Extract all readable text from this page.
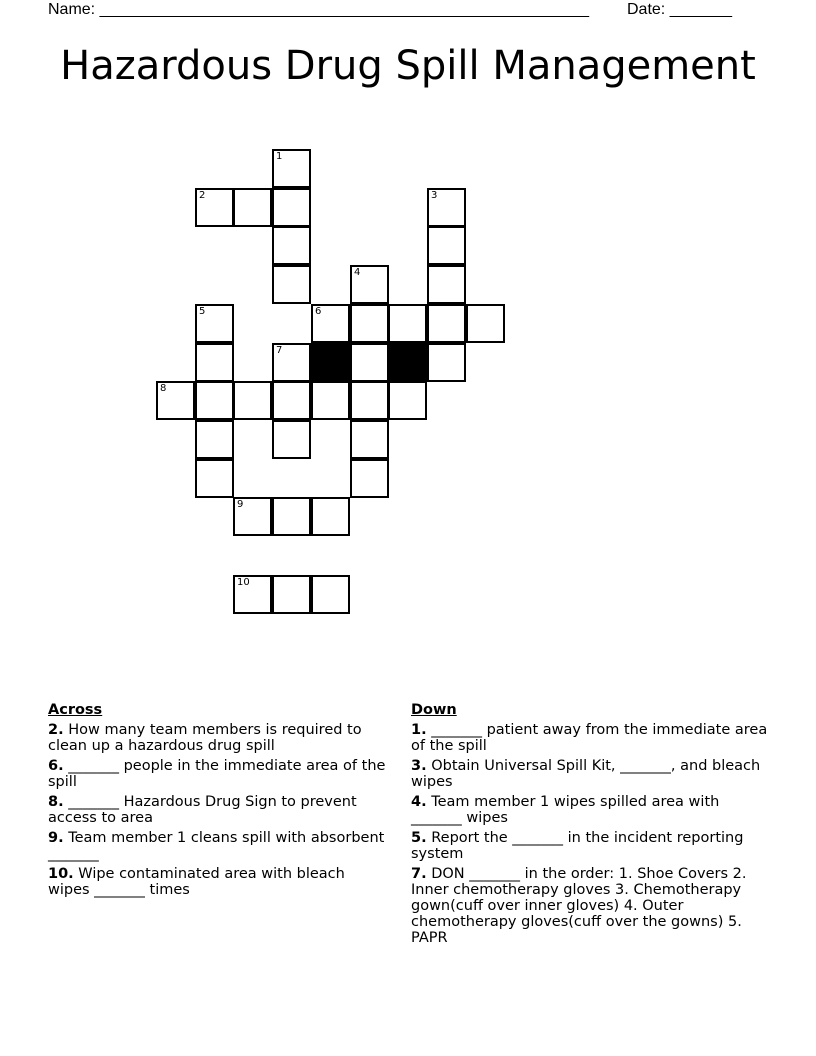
Name: _______________________________________________________ Date: _______
Hazardous Drug Spill Management
1
2	3
4
5	6
7
8
9
10
Across
2. How many team members is required to clean up a hazardous drug spill
6. _______ people in the immediate area of the spill
8. _______ Hazardous Drug Sign to prevent access to area
9. Team member 1 cleans spill with absorbent _______
10. Wipe contaminated area with bleach wipes _______ times
Down
1. _______ patient away from the immediate area of the spill
3. Obtain Universal Spill Kit, _______, and bleach wipes
4. Team member 1 wipes spilled area with _______ wipes
5. Report the _______ in the incident reporting system
7. DON _______ in the order: 1. Shoe Covers 2. Inner chemotherapy gloves 3. Chemotherapy gown(cuff over inner gloves) 4. Outer chemotherapy gloves(cuff over the gowns) 5. PAPR
